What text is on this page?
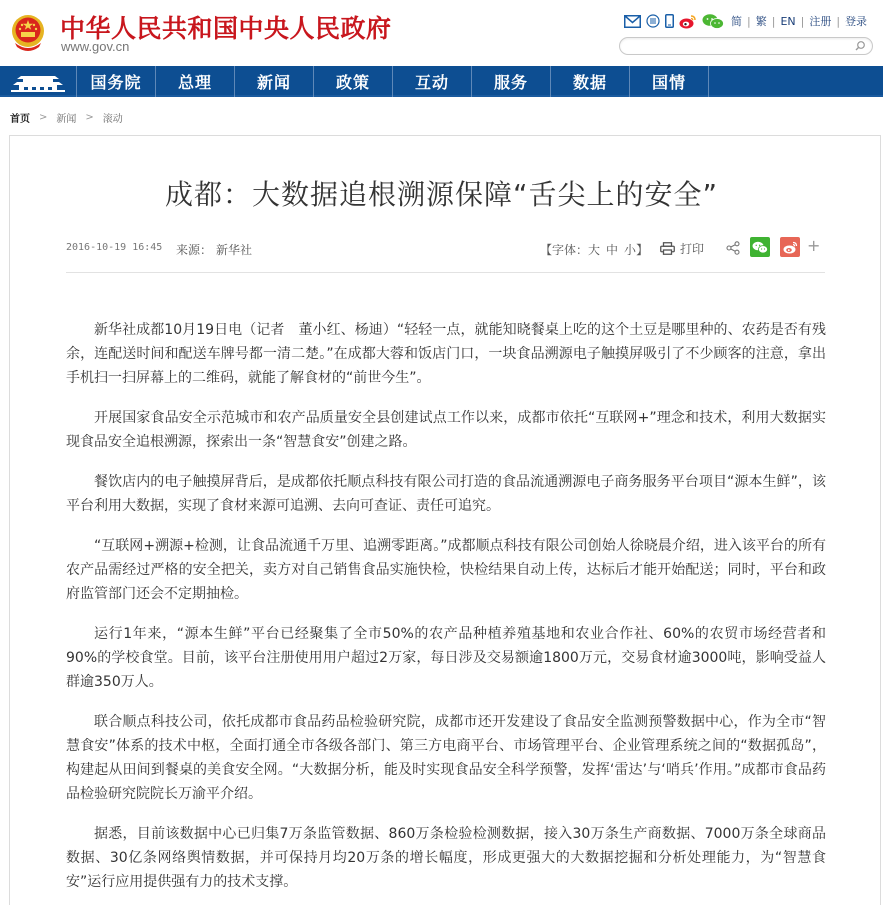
中华人民共和国中央人民政府
www.gov.cn
简 | 繁 | EN | 注册 | 登录
国务院	总理	新闻	政策	互动	服务	数据	国情
首页 > 新闻 > 滚动
成都：大数据追根溯源保障“舌尖上的安全”
2016-10-19 16:45 来源： 新华社	【字体： 大 中 小 】	打印	+

新华社成都10月19日电（记者　董小红、杨迪）“轻轻一点，就能知晓餐桌上吃的这个土豆是哪里种的、农药是否有残余，连配送时间和配送车牌号都一清二楚。”在成都大蓉和饭店门口，一块食品溯源电子触摸屏吸引了不少顾客的注意，拿出手机扫一扫屏幕上的二维码，就能了解食材的“前世今生”。

开展国家食品安全示范城市和农产品质量安全县创建试点工作以来，成都市依托“互联网+”理念和技术，利用大数据实现食品安全追根溯源，探索出一条“智慧食安”创建之路。

餐饮店内的电子触摸屏背后，是成都依托顺点科技有限公司打造的食品流通溯源电子商务服务平台项目“源本生鲜”，该平台利用大数据，实现了食材来源可追溯、去向可查证、责任可追究。

“互联网+溯源+检测，让食品流通千万里、追溯零距离。”成都顺点科技有限公司创始人徐晓晨介绍，进入该平台的所有农产品需经过严格的安全把关，卖方对自己销售食品实施快检，快检结果自动上传，达标后才能开始配送；同时，平台和政府监管部门还会不定期抽检。

运行1年来，“源本生鲜”平台已经聚集了全市50%的农产品种植养殖基地和农业合作社、60%的农贸市场经营者和90%的学校食堂。目前，该平台注册使用用户超过2万家，每日涉及交易额逾1800万元，交易食材逾3000吨，影响受益人群逾350万人。

联合顺点科技公司，依托成都市食品药品检验研究院，成都市还开发建设了食品安全监测预警数据中心，作为全市“智慧食安”体系的技术中枢，全面打通全市各级各部门、第三方电商平台、市场管理平台、企业管理系统之间的“数据孤岛”，构建起从田间到餐桌的美食安全网。“大数据分析，能及时实现食品安全科学预警，发挥‘雷达’与‘哨兵’作用。”成都市食品药品检验研究院院长万渝平介绍。

据悉，目前该数据中心已归集7万条监管数据、860万条检验检测数据，接入30万条生产商数据、7000万条全球商品数据、30亿条网络舆情数据，并可保持月均20万条的增长幅度，形成更强大的大数据挖掘和分析处理能力，为“智慧食安”运行应用提供强有力的技术支撑。
